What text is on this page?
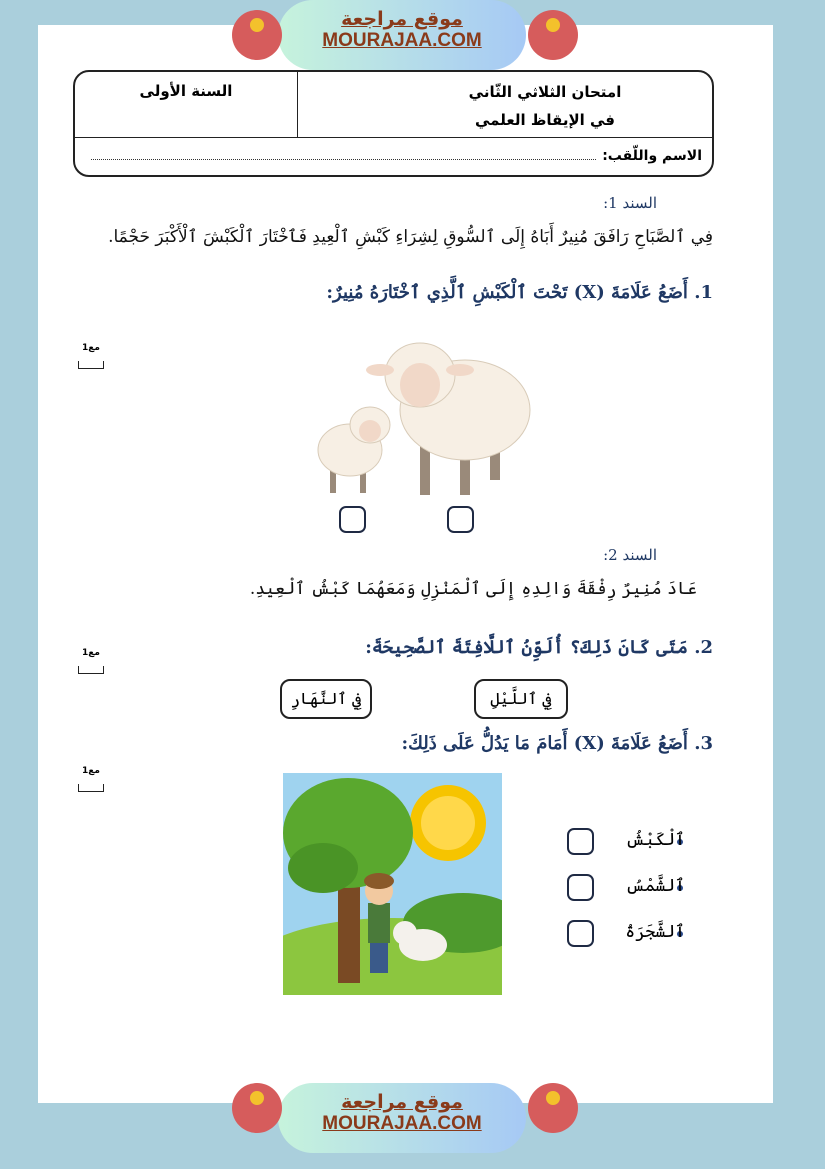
موقع مراجعة
MOURAJAA.COM
امتحان الثلاثي الثّاني
في الإيقاظ العلمي
السنة الأولى
الاسم واللّقب:
السند 1:
فِي ٱلصَّبَاحِ رَافَقَ مُنِيرٌ أَبَاهُ إِلَى ٱلسُّوقِ لِشِرَاءِ كَبْشِ ٱلْعِيدِ فَٱخْتَارَ ٱلْكَبْشَ ٱلْأَكْبَرَ حَجْمًا.
1. أَضَعُ عَلَامَةَ (X) تَحْتَ ٱلْكَبْشِ ٱلَّذِي ٱخْتَارَهُ مُنِيرٌ:
1مع
السند 2:
عَادَ مُنِيرٌ رِفْقَةَ وَالِدِهِ إِلَى ٱلْمَنْزِلِ وَمَعَهُمَا كَبْشُ ٱلْعِيدِ.
2. مَتَى كَانَ ذَلِكَ؟ أُلَوِّنُ ٱللَّافِتَةَ ٱلصَّحِيحَةَ:
1مع
فِي ٱللَّيْلِ
فِي ٱلنَّهَارِ
3. أَضَعُ عَلَامَةَ (X) أَمَامَ مَا يَدُلُّ عَلَى ذَلِكَ:
1مع
ٱلْكَبْشُ
ٱلشَّمْسُ
ٱلشَّجَرَةُ
موقع مراجعة
MOURAJAA.COM
